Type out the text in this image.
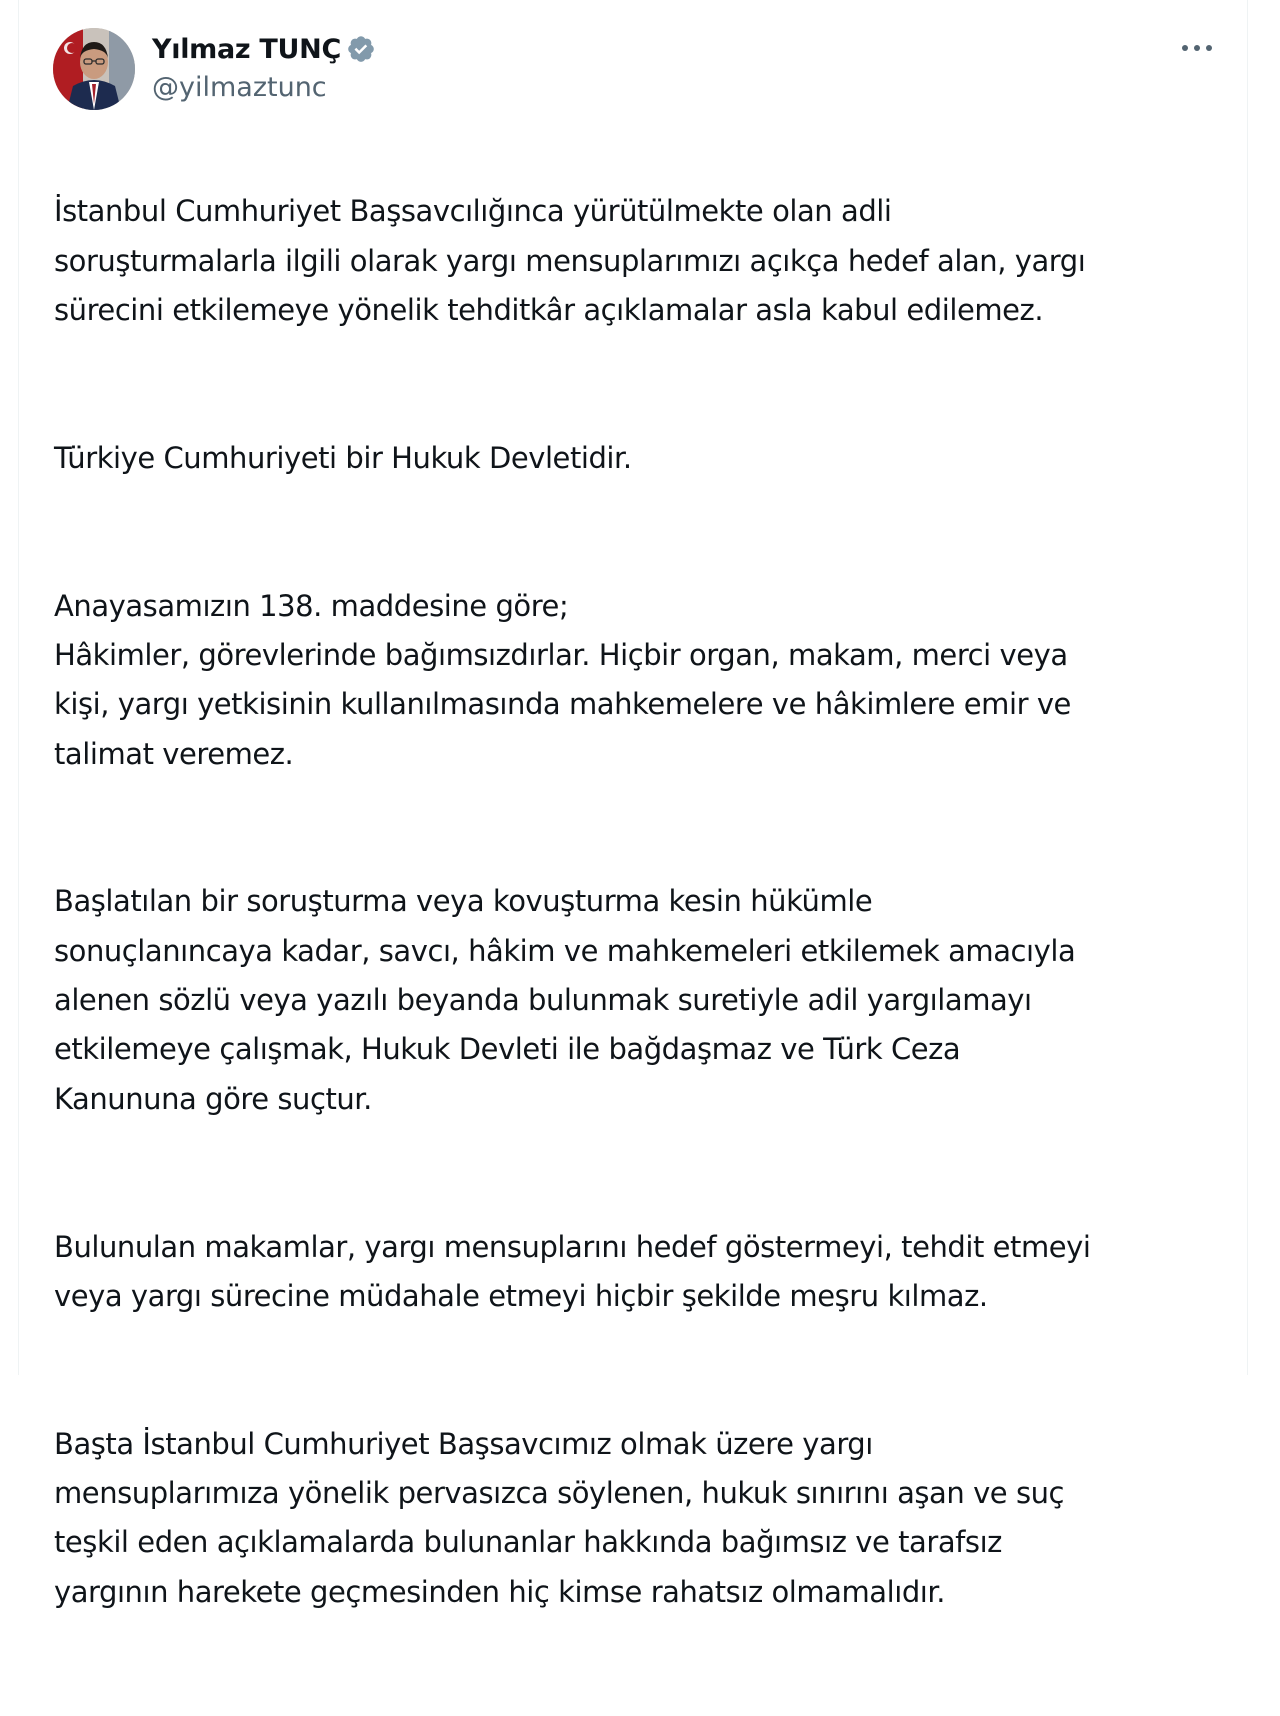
Yılmaz TUNÇ
@yilmaztunc

İstanbul Cumhuriyet Başsavcılığınca yürütülmekte olan adli
soruşturmalarla ilgili olarak yargı mensuplarımızı açıkça hedef alan, yargı
sürecini etkilemeye yönelik tehditkâr açıklamalar asla kabul edilemez.

Türkiye Cumhuriyeti bir Hukuk Devletidir.

Anayasamızın 138. maddesine göre;
Hâkimler, görevlerinde bağımsızdırlar. Hiçbir organ, makam, merci veya
kişi, yargı yetkisinin kullanılmasında mahkemelere ve hâkimlere emir ve
talimat veremez.

Başlatılan bir soruşturma veya kovuşturma kesin hükümle
sonuçlanıncaya kadar, savcı, hâkim ve mahkemeleri etkilemek amacıyla
alenen sözlü veya yazılı beyanda bulunmak suretiyle adil yargılamayı
etkilemeye çalışmak, Hukuk Devleti ile bağdaşmaz ve Türk Ceza
Kanununa göre suçtur.

Bulunulan makamlar, yargı mensuplarını hedef göstermeyi, tehdit etmeyi
veya yargı sürecine müdahale etmeyi hiçbir şekilde meşru kılmaz.

Başta İstanbul Cumhuriyet Başsavcımız olmak üzere yargı
mensuplarımıza yönelik pervasızca söylenen, hukuk sınırını aşan ve suç
teşkil eden açıklamalarda bulunanlar hakkında bağımsız ve tarafsız
yargının harekete geçmesinden hiç kimse rahatsız olmamalıdır.
